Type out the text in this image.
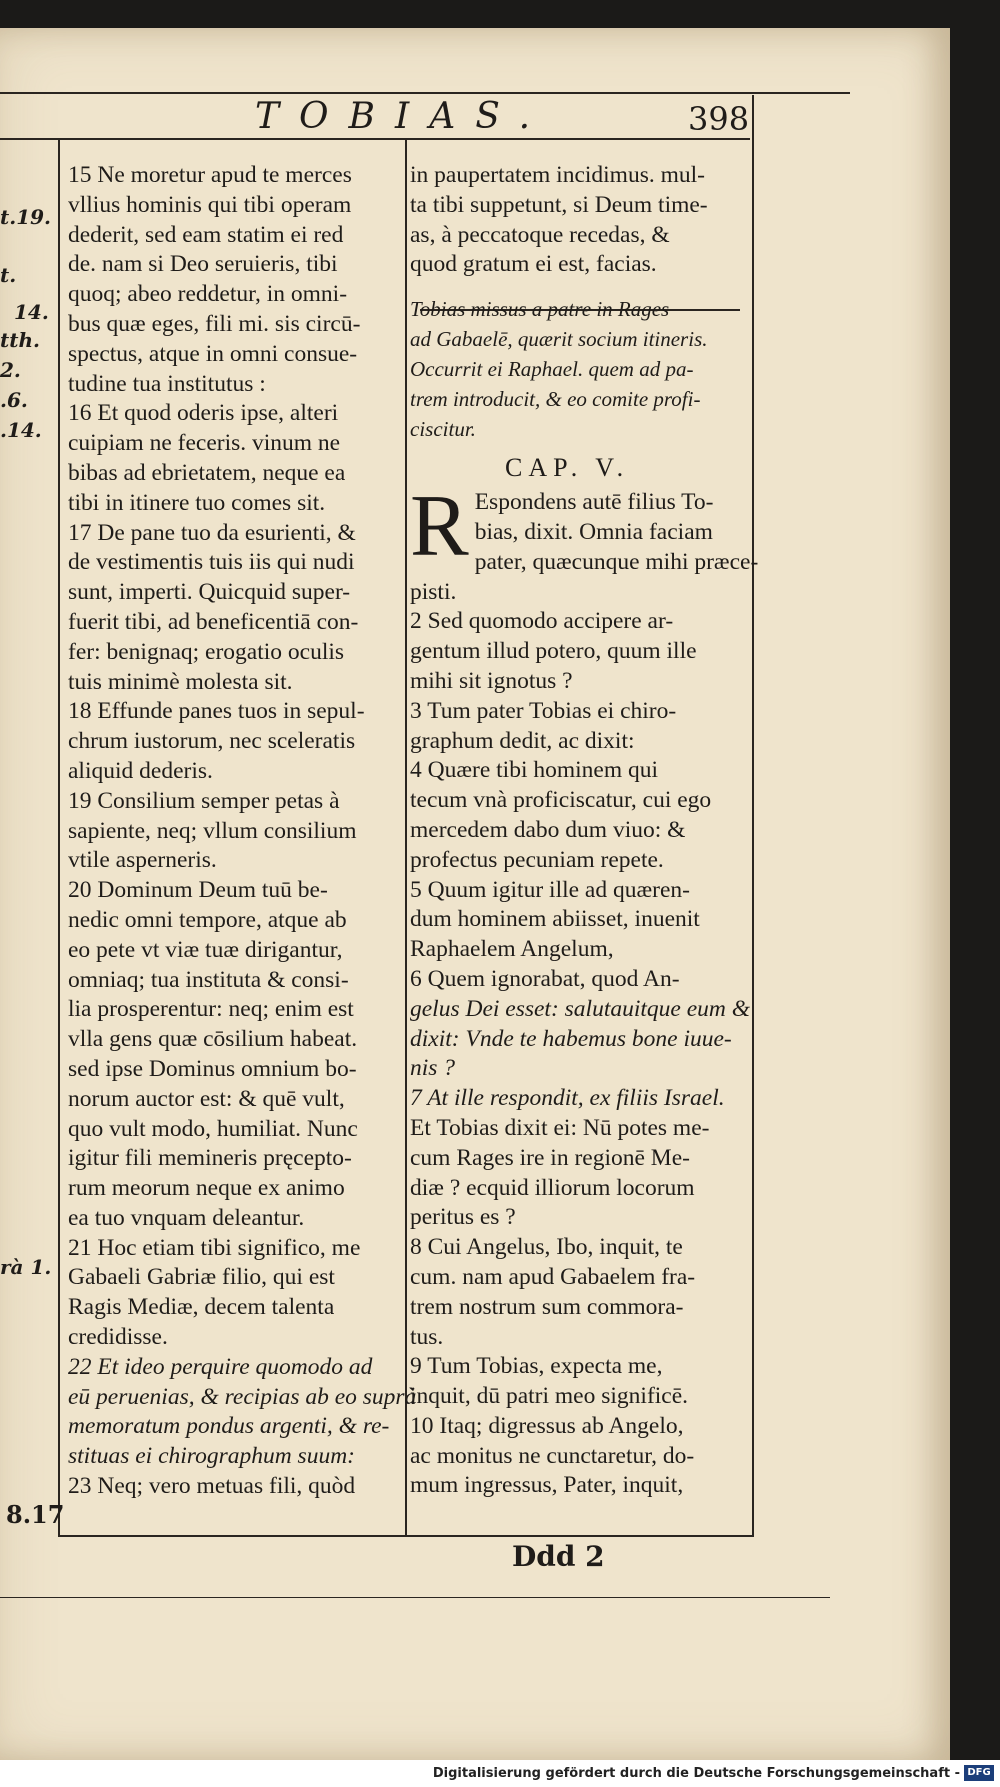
TOBIAS.	398
t.19.
t.
14.
tth.
2.
.6.
.14.
rà 1.
8.17
15 Ne moretur apud te merces
vllius hominis qui tibi operam
dederit, sed eam statim ei red
de. nam si Deo seruieris, tibi
quoq; abeo reddetur, in omni-
bus quæ eges, fili mi. sis circū-
spectus, atque in omni consue-
tudine tua institutus :
16 Et quod oderis ipse, alteri
cuipiam ne feceris. vinum ne
bibas ad ebrietatem, neque ea
tibi in itinere tuo comes sit.
17 De pane tuo da esurienti, &
de vestimentis tuis iis qui nudi
sunt, imperti. Quicquid super-
fuerit tibi, ad beneficentiā con-
fer: benignaq; erogatio oculis
tuis minimè molesta sit.
18 Effunde panes tuos in sepul-
chrum iustorum, nec sceleratis
aliquid dederis.
19 Consilium semper petas à
sapiente, neq; vllum consilium
vtile asperneris.
20 Dominum Deum tuū be-
nedic omni tempore, atque ab
eo pete vt viæ tuæ dirigantur,
omniaq; tua instituta & consi-
lia prosperentur: neq; enim est
vlla gens quæ cōsilium habeat.
sed ipse Dominus omnium bo-
norum auctor est: & quē vult,
quo vult modo, humiliat. Nunc
igitur fili memineris pręcepto-
rum meorum neque ex animo
ea tuo vnquam deleantur.
21 Hoc etiam tibi significo, me
Gabaeli Gabriæ filio, qui est
Ragis Mediæ, decem talenta
credidisse.
22 Et ideo perquire quomodo ad
eū peruenias, & recipias ab eo suprà
memoratum pondus argenti, & re-
stituas ei chirographum suum:
23 Neq; vero metuas fili, quòd
in paupertatem incidimus. mul-
ta tibi suppetunt, si Deum time-
as, à peccatoque recedas, &
quod gratum ei est, facias.
Tobias missus a patre in Rages
ad Gabaelē, quærit socium itineris.
Occurrit ei Raphael. quem ad pa-
trem introducit, & eo comite profi-
ciscitur.
CAP. V.
R Espondens autē filius To-
bias, dixit. Omnia faciam
pater, quæcunque mihi præce-
pisti.
2 Sed quomodo accipere ar-
gentum illud potero, quum ille
mihi sit ignotus ?
3 Tum pater Tobias ei chiro-
graphum dedit, ac dixit:
4 Quære tibi hominem qui
tecum vnà proficiscatur, cui ego
mercedem dabo dum viuo: &
profectus pecuniam repete.
5 Quum igitur ille ad quæren-
dum hominem abiisset, inuenit
Raphaelem Angelum,
6 Quem ignorabat, quod An-
gelus Dei esset: salutauitque eum &
dixit: Vnde te habemus bone iuue-
nis ?
7 At ille respondit, ex filiis Israel.
Et Tobias dixit ei: Nū potes me-
cum Rages ire in regionē Me-
diæ ? ecquid illiorum locorum
peritus es ?
8 Cui Angelus, Ibo, inquit, te
cum. nam apud Gabaelem fra-
trem nostrum sum commora-
tus.
9 Tum Tobias, expecta me,
inquit, dū patri meo significē.
10 Itaq; digressus ab Angelo,
ac monitus ne cunctaretur, do-
mum ingressus, Pater, inquit,
Ddd 2
Digitalisierung gefördert durch die Deutsche Forschungsgemeinschaft - DFG
